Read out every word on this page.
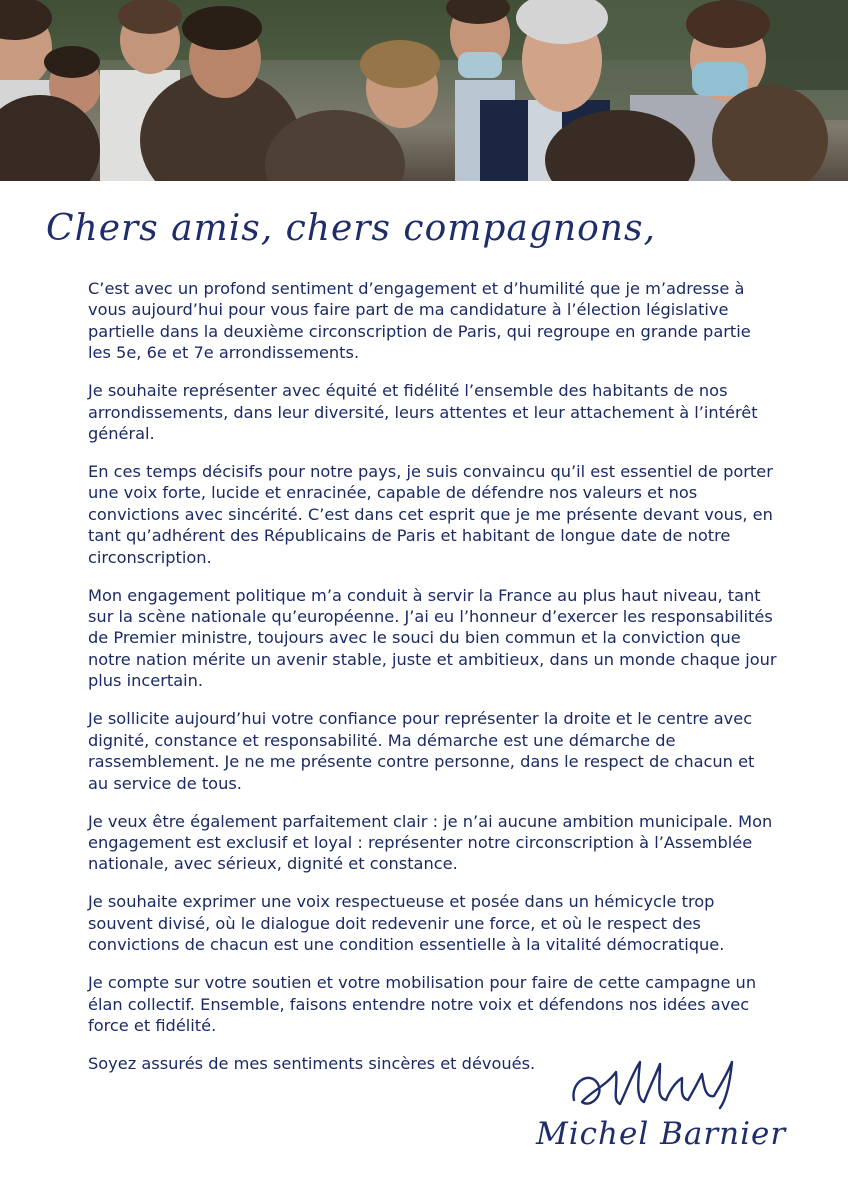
Chers amis, chers compagnons,

C’est avec un profond sentiment d’engagement et d’humilité que je m’adresse à vous aujourd’hui pour vous faire part de ma candidature à l’élection législative partielle dans la deuxième circonscription de Paris, qui regroupe en grande partie les 5e, 6e et 7e arrondissements.

Je souhaite représenter avec équité et fidélité l’ensemble des habitants de nos arrondissements, dans leur diversité, leurs attentes et leur attachement à l’intérêt général.

En ces temps décisifs pour notre pays, je suis convaincu qu’il est essentiel de porter une voix forte, lucide et enracinée, capable de défendre nos valeurs et nos convictions avec sincérité. C’est dans cet esprit que je me présente devant vous, en tant qu’adhérent des Républicains de Paris et habitant de longue date de notre circonscription.

Mon engagement politique m’a conduit à servir la France au plus haut niveau, tant sur la scène nationale qu’européenne. J’ai eu l’honneur d’exercer les responsabilités de Premier ministre, toujours avec le souci du bien commun et la conviction que notre nation mérite un avenir stable, juste et ambitieux, dans un monde chaque jour plus incertain.

Je sollicite aujourd’hui votre confiance pour représenter la droite et le centre avec dignité, constance et responsabilité. Ma démarche est une démarche de rassemblement. Je ne me présente contre personne, dans le respect de chacun et au service de tous.

Je veux être également parfaitement clair : je n’ai aucune ambition municipale. Mon engagement est exclusif et loyal : représenter notre circonscription à l’Assemblée nationale, avec sérieux, dignité et constance.

Je souhaite exprimer une voix respectueuse et posée dans un hémicycle trop souvent divisé, où le dialogue doit redevenir une force, et où le respect des convictions de chacun est une condition essentielle à la vitalité démocratique.

Je compte sur votre soutien et votre mobilisation pour faire de cette campagne un élan collectif. Ensemble, faisons entendre notre voix et défendons nos idées avec force et fidélité.

Soyez assurés de mes sentiments sincères et dévoués.

Michel Barnier
